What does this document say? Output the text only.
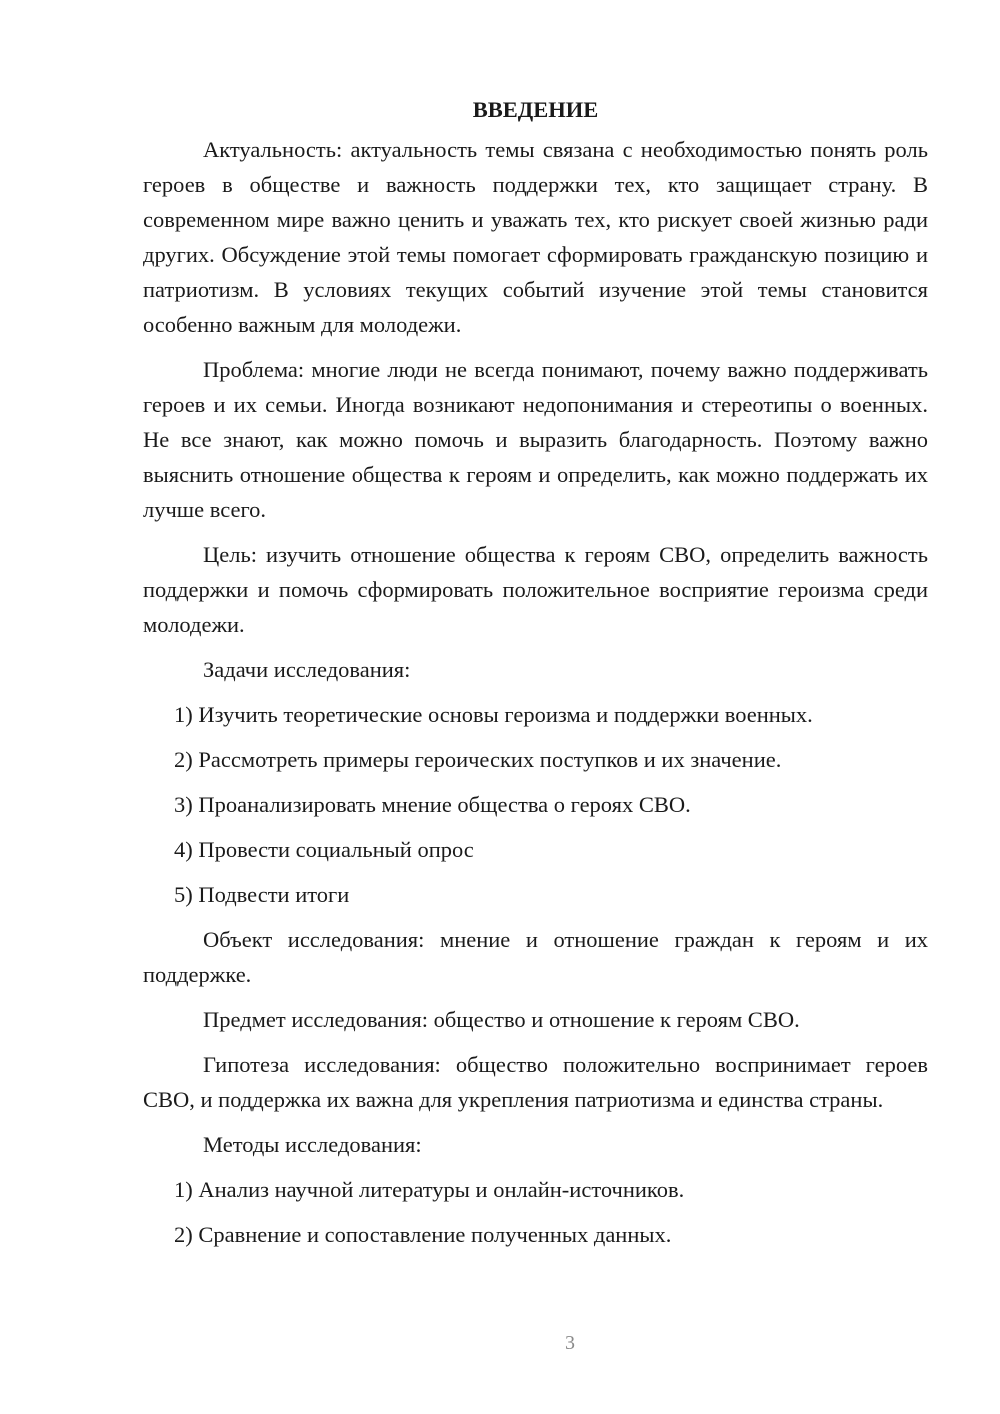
ВВЕДЕНИЕ

Актуальность: актуальность темы связана с необходимостью понять роль героев в обществе и важность поддержки тех, кто защищает страну. В современном мире важно ценить и уважать тех, кто рискует своей жизнью ради других. Обсуждение этой темы помогает сформировать гражданскую позицию и патриотизм. В условиях текущих событий изучение этой темы становится особенно важным для молодежи.

Проблема: многие люди не всегда понимают, почему важно поддерживать героев и их семьи. Иногда возникают недопонимания и стереотипы о военных. Не все знают, как можно помочь и выразить благодарность. Поэтому важно выяснить отношение общества к героям и определить, как можно поддержать их лучше всего.

Цель: изучить отношение общества к героям СВО, определить важность поддержки и помочь сформировать положительное восприятие героизма среди молодежи.

Задачи исследования:

1) Изучить теоретические основы героизма и поддержки военных.
2) Рассмотреть примеры героических поступков и их значение.
3) Проанализировать мнение общества о героях СВО.
4) Провести социальный опрос
5) Подвести итоги

Объект исследования: мнение и отношение граждан к героям и их поддержке.

Предмет исследования: общество и отношение к героям СВО.

Гипотеза исследования: общество положительно воспринимает героев СВО, и поддержка их важна для укрепления патриотизма и единства страны.

Методы исследования:

1) Анализ научной литературы и онлайн-источников.
2) Сравнение и сопоставление полученных данных.
3
